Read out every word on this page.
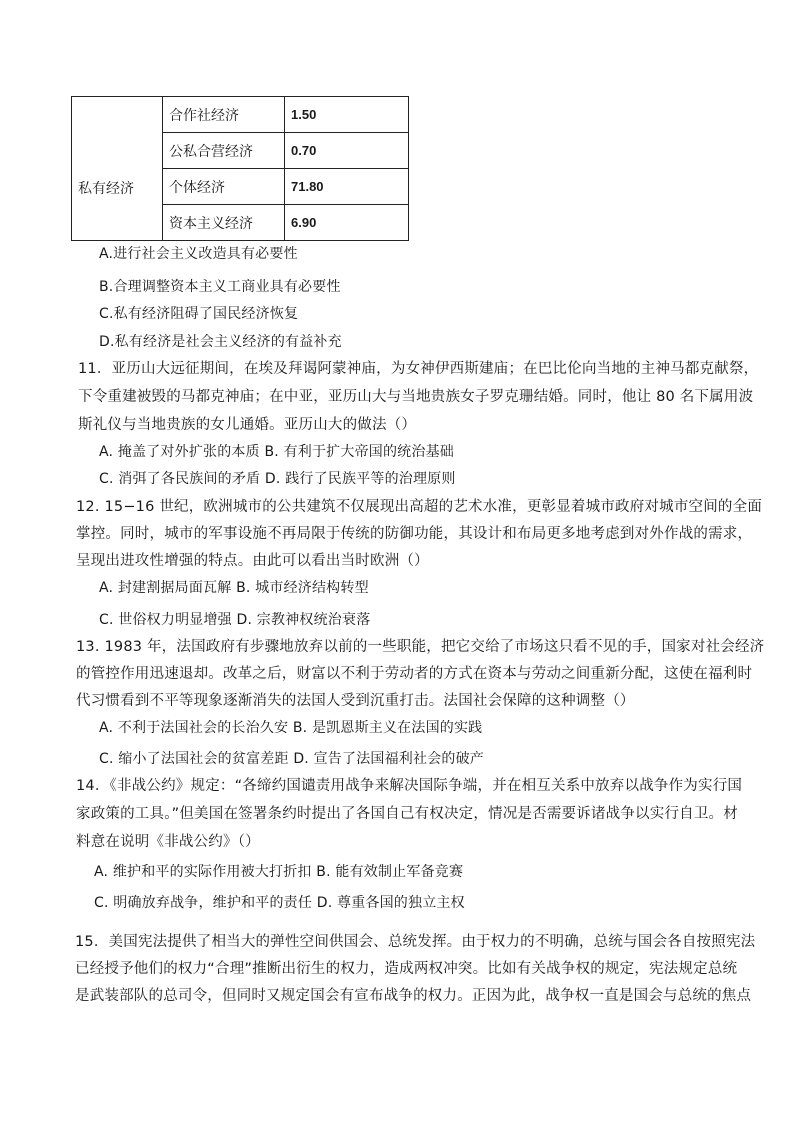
	合作社经济	1.50
	公私合营经济	0.70
私有经济	个体经济	71.80
	资本主义经济	6.90
A.进行社会主义改造具有必要性
B.合理调整资本主义工商业具有必要性
C.私有经济阻碍了国民经济恢复
D.私有经济是社会主义经济的有益补充
11．亚历山大远征期间，在埃及拜谒阿蒙神庙，为女神伊西斯建庙；在巴比伦向当地的主神马都克献祭，
下令重建被毁的马都克神庙；在中亚，亚历山大与当地贵族女子罗克珊结婚。同时，他让 80 名下属用波
斯礼仪与当地贵族的女儿通婚。亚历山大的做法（）
A. 掩盖了对外扩张的本质 B. 有利于扩大帝国的统治基础
C. 消弭了各民族间的矛盾 D. 践行了民族平等的治理原则
12. 15−16 世纪，欧洲城市的公共建筑不仅展现出高超的艺术水准，更彰显着城市政府对城市空间的全面
掌控。同时，城市的军事设施不再局限于传统的防御功能，其设计和布局更多地考虑到对外作战的需求，
呈现出进攻性增强的特点。由此可以看出当时欧洲（）
A. 封建割据局面瓦解 B. 城市经济结构转型
C. 世俗权力明显增强 D. 宗教神权统治衰落
13. 1983 年，法国政府有步骤地放弃以前的一些职能，把它交给了市场这只看不见的手，国家对社会经济
的管控作用迅速退却。改革之后，财富以不利于劳动者的方式在资本与劳动之间重新分配，这使在福利时
代习惯看到不平等现象逐渐消失的法国人受到沉重打击。法国社会保障的这种调整（）
A. 不利于法国社会的长治久安 B. 是凯恩斯主义在法国的实践
C. 缩小了法国社会的贫富差距 D. 宣告了法国福利社会的破产
14．《非战公约》规定：“各缔约国谴责用战争来解决国际争端，并在相互关系中放弃以战争作为实行国
家政策的工具。”但美国在签署条约时提出了各国自己有权决定，情况是否需要诉诸战争以实行自卫。材
料意在说明《非战公约》（）
A. 维护和平的实际作用被大打折扣 B. 能有效制止军备竞赛
C. 明确放弃战争，维护和平的责任 D. 尊重各国的独立主权
15．美国宪法提供了相当大的弹性空间供国会、总统发挥。由于权力的不明确，总统与国会各自按照宪法
已经授予他们的权力“合理”推断出衍生的权力，造成两权冲突。比如有关战争权的规定，宪法规定总统
是武装部队的总司令，但同时又规定国会有宣布战争的权力。正因为此，战争权一直是国会与总统的焦点
